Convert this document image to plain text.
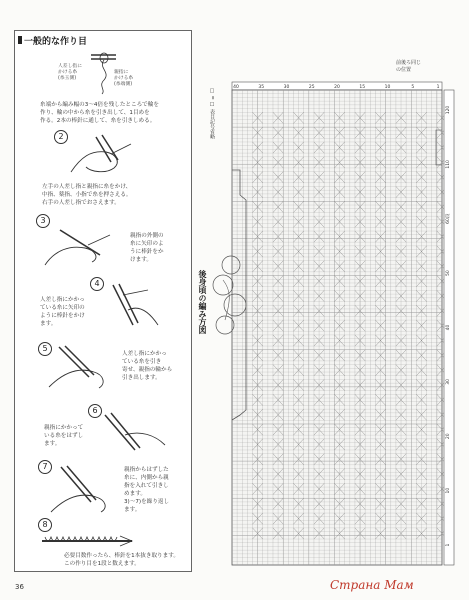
一般的な作り目
人差し指に
かける糸
(糸玉側)
親指に
かける糸
(糸端側)
糸端から編み幅の3～4倍を残したところで輪を
作り、輪の中から糸を引き出して、1目めを
作る。2本の棒針に通して、糸を引きしめる。
2
左手の人差し指と親指に糸をかけ、
中指、薬指、小指で糸を押さえる。
右手の人差し指でおさえます。
3
親指の外側の
糸に矢印のよ
うに棒針をか
けます。
4
人差し指にかかっ
ている糸に矢印の
ように棒針をかけ
ます。
5
人差し指にかかっ
ている糸を引き
寄せ、親指の輪から
引き出します。
6
親指にかかって
いる糸をはずし
ます。
7	親指からはずした
糸に、内側から親
指を入れて引きし
めます。
3)～7)を繰り返し
ます。
8
必要目数作ったら、棒針を1本抜き取ります。
この作り目を1段と数えます。
36
□ = □ 表目記号省略
後身頃の編み方図
前後ろ同じ
の位置
40	35	30	25	20	15	10	5	1
120
110
60段
50
40
30
20
10
1
Страна Мам
